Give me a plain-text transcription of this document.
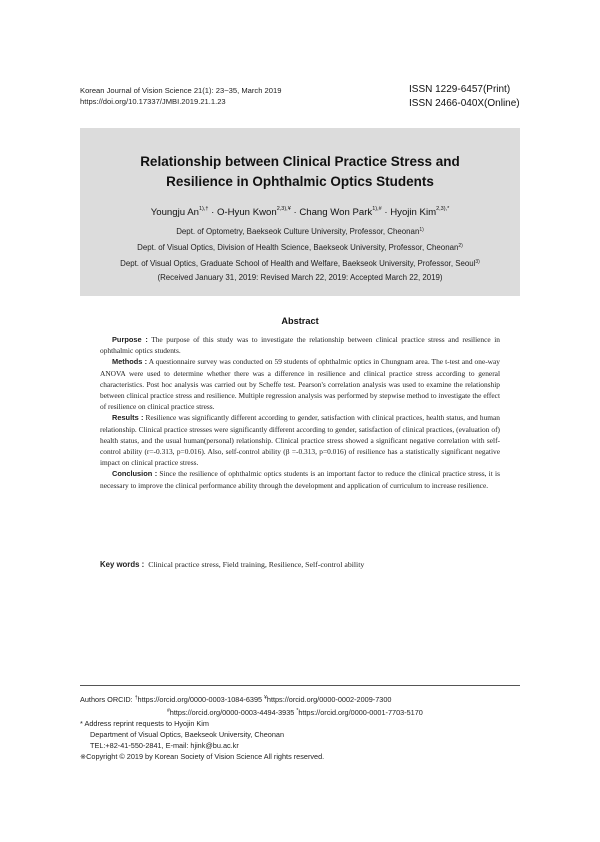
Korean Journal of Vision Science 21(1): 23~35, March 2019
https://doi.org/10.17337/JMBI.2019.21.1.23
ISSN 1229-6457(Print)
ISSN 2466-040X(Online)
Relationship between Clinical Practice Stress and
Resilience in Ophthalmic Optics Students
Youngju $An^{1),\dagger}$ · O-Hyun Kwon$^{2,3),¥}$ · Chang Won Park$^{1),\#}$ · Hyojin Kim$^{2,3),*}$
Dept. of Optometry, Baekseok Culture University, Professor, Cheonan$^{1)}$
Dept. of Visual Optics, Division of Health Science, Baekseok University, Professor, Cheonan$^{2)}$
Dept. of Visual Optics, Graduate School of Health and Welfare, Baekseok University, Professor, Seoul$^{3)}$
(Received January 31, 2019: Revised March 22, 2019: Accepted March 22, 2019)
Abstract

Purpose : The purpose of this study was to investigate the relationship between clinical practice stress and resilience in ophthalmic optics students.

Methods : A questionnaire survey was conducted on 59 students of ophthalmic optics in Chungnam area. The t-test and one-way ANOVA were used to determine whether there was a difference in resilience and clinical practice stress according to general characteristics. Post hoc analysis was carried out by Scheffe test. Pearson's correlation analysis was used to examine the relationship between clinical practice stress and resilience. Multiple regression analysis was performed by stepwise method to investigate the effect of resilience on clinical practice stress.

Results : Resilience was significantly different according to gender, satisfaction with clinical practices, health status, and human relationship. Clinical practice stresses were significantly different according to gender, satisfaction of clinical practices, (evaluation of) health status, and the usual human(personal) relationship. Clinical practice stress showed a significant negative correlation with self-control ability (r=-0.313, p=0.016). Also, self-control ability (β =-0.313, p=0.016) of resilience has a statistically significant negative impact on clinical practice stress.

Conclusion : Since the resilience of ophthalmic optics students is an important factor to reduce the clinical practice stress, it is necessary to improve the clinical performance ability through the development and application of curriculum to increase resilience.

Key words : Clinical practice stress, Field training, Resilience, Self-control ability
Authors ORCID: †https://orcid.org/0000-0003-1084-6395 ¥https://orcid.org/0000-0002-2009-7300
#https://orcid.org/0000-0003-4494-3935 *https://orcid.org/0000-0001-7703-5170
* Address reprint requests to Hyojin Kim
Department of Visual Optics, Baekseok University, Cheonan
TEL:+82-41-550-2841, E-mail: hjink@bu.ac.kr
※Copyright © 2019 by Korean Society of Vision Science All rights reserved.
